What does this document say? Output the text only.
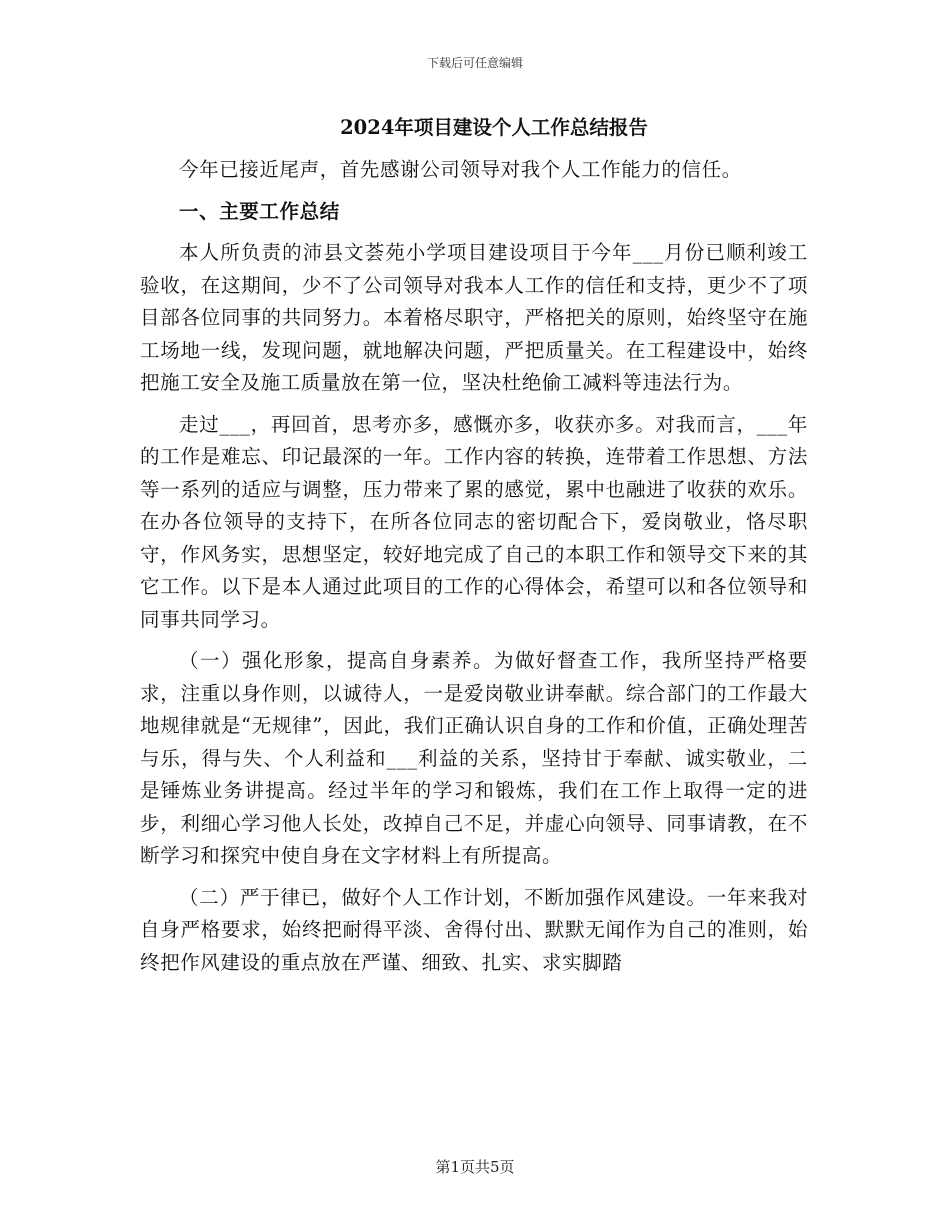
下载后可任意编辑
2024年项目建设个人工作总结报告
今年已接近尾声，首先感谢公司领导对我个人工作能力的信任。
一、主要工作总结
本人所负责的沛县文荟苑小学项目建设项目于今年___月份已顺利竣工验收，在这期间，少不了公司领导对我本人工作的信任和支持，更少不了项目部各位同事的共同努力。本着格尽职守，严格把关的原则，始终坚守在施工场地一线，发现问题，就地解决问题，严把质量关。在工程建设中，始终把施工安全及施工质量放在第一位，坚决杜绝偷工减料等违法行为。
走过___，再回首，思考亦多，感慨亦多，收获亦多。对我而言，___年的工作是难忘、印记最深的一年。工作内容的转换，连带着工作思想、方法等一系列的适应与调整，压力带来了累的感觉，累中也融进了收获的欢乐。在办各位领导的支持下，在所各位同志的密切配合下，爱岗敬业，恪尽职守，作风务实，思想坚定，较好地完成了自己的本职工作和领导交下来的其它工作。以下是本人通过此项目的工作的心得体会，希望可以和各位领导和同事共同学习。
（一）强化形象，提高自身素养。为做好督查工作，我所坚持严格要求，注重以身作则，以诚待人，一是爱岗敬业讲奉献。综合部门的工作最大地规律就是“无规律”，因此，我们正确认识自身的工作和价值，正确处理苦与乐，得与失、个人利益和___利益的关系，坚持甘于奉献、诚实敬业，二是锤炼业务讲提高。经过半年的学习和锻炼，我们在工作上取得一定的进步，利细心学习他人长处，改掉自己不足，并虚心向领导、同事请教，在不断学习和探究中使自身在文字材料上有所提高。
（二）严于律已，做好个人工作计划，不断加强作风建设。一年来我对自身严格要求，始终把耐得平淡、舍得付出、默默无闻作为自己的准则，始终把作风建设的重点放在严谨、细致、扎实、求实脚踏
第1页共5页
